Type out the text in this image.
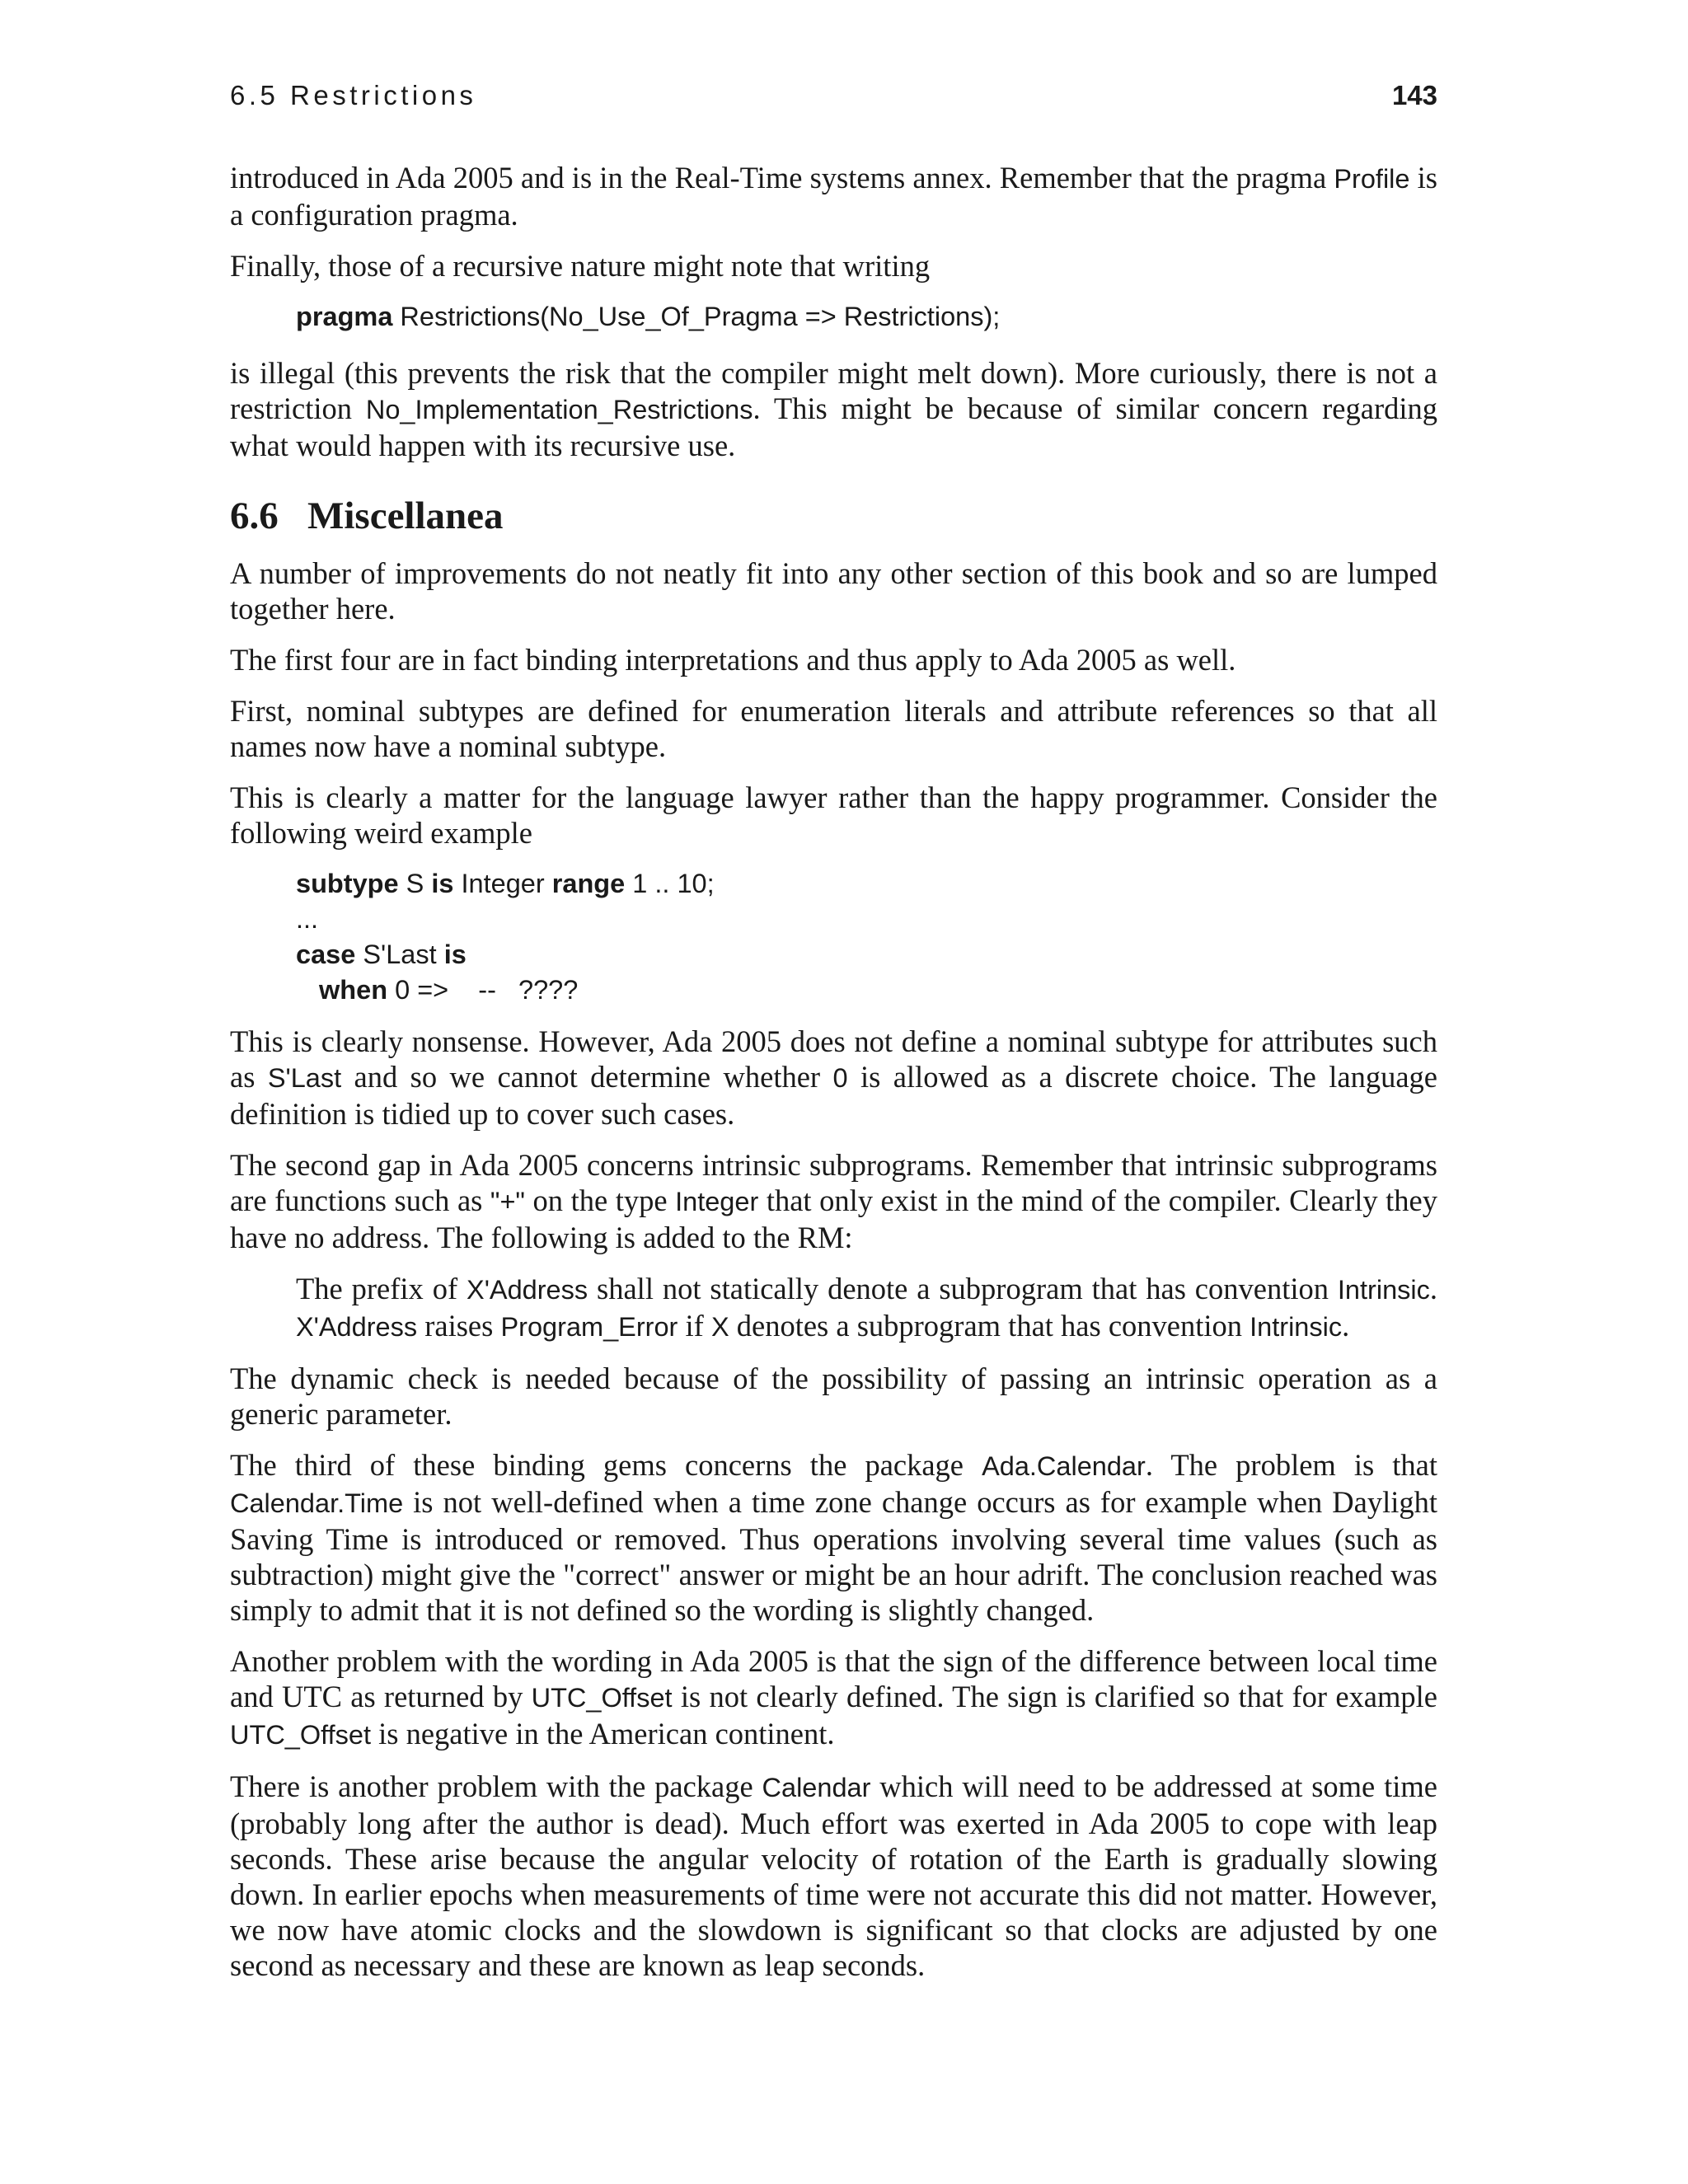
6.5 Restrictions	143

introduced in Ada 2005 and is in the Real-Time systems annex. Remember that the pragma Profile is a configuration pragma.

Finally, those of a recursive nature might note that writing

pragma Restrictions(No_Use_Of_Pragma => Restrictions);

is illegal (this prevents the risk that the compiler might melt down). More curiously, there is not a restriction No_Implementation_Restrictions. This might be because of similar concern regarding what would happen with its recursive use.

6.6 Miscellanea

A number of improvements do not neatly fit into any other section of this book and so are lumped together here.

The first four are in fact binding interpretations and thus apply to Ada 2005 as well.

First, nominal subtypes are defined for enumeration literals and attribute references so that all names now have a nominal subtype.

This is clearly a matter for the language lawyer rather than the happy programmer. Consider the following weird example

subtype S is Integer range 1 .. 10;

...

case S'Last is

when 0 =>    --   ????

This is clearly nonsense. However, Ada 2005 does not define a nominal subtype for attributes such as S'Last and so we cannot determine whether 0 is allowed as a discrete choice. The language definition is tidied up to cover such cases.

The second gap in Ada 2005 concerns intrinsic subprograms. Remember that intrinsic subprograms are functions such as "+" on the type Integer that only exist in the mind of the compiler. Clearly they have no address. The following is added to the RM:

The prefix of X'Address shall not statically denote a subprogram that has convention Intrinsic. X'Address raises Program_Error if X denotes a subprogram that has convention Intrinsic.

The dynamic check is needed because of the possibility of passing an intrinsic operation as a generic parameter.

The third of these binding gems concerns the package Ada.Calendar. The problem is that Calendar.Time is not well-defined when a time zone change occurs as for example when Daylight Saving Time is introduced or removed. Thus operations involving several time values (such as subtraction) might give the "correct" answer or might be an hour adrift. The conclusion reached was simply to admit that it is not defined so the wording is slightly changed.

Another problem with the wording in Ada 2005 is that the sign of the difference between local time and UTC as returned by UTC_Offset is not clearly defined. The sign is clarified so that for example UTC_Offset is negative in the American continent.

There is another problem with the package Calendar which will need to be addressed at some time (probably long after the author is dead). Much effort was exerted in Ada 2005 to cope with leap seconds. These arise because the angular velocity of rotation of the Earth is gradually slowing down. In earlier epochs when measurements of time were not accurate this did not matter. However, we now have atomic clocks and the slowdown is significant so that clocks are adjusted by one second as necessary and these are known as leap seconds.
